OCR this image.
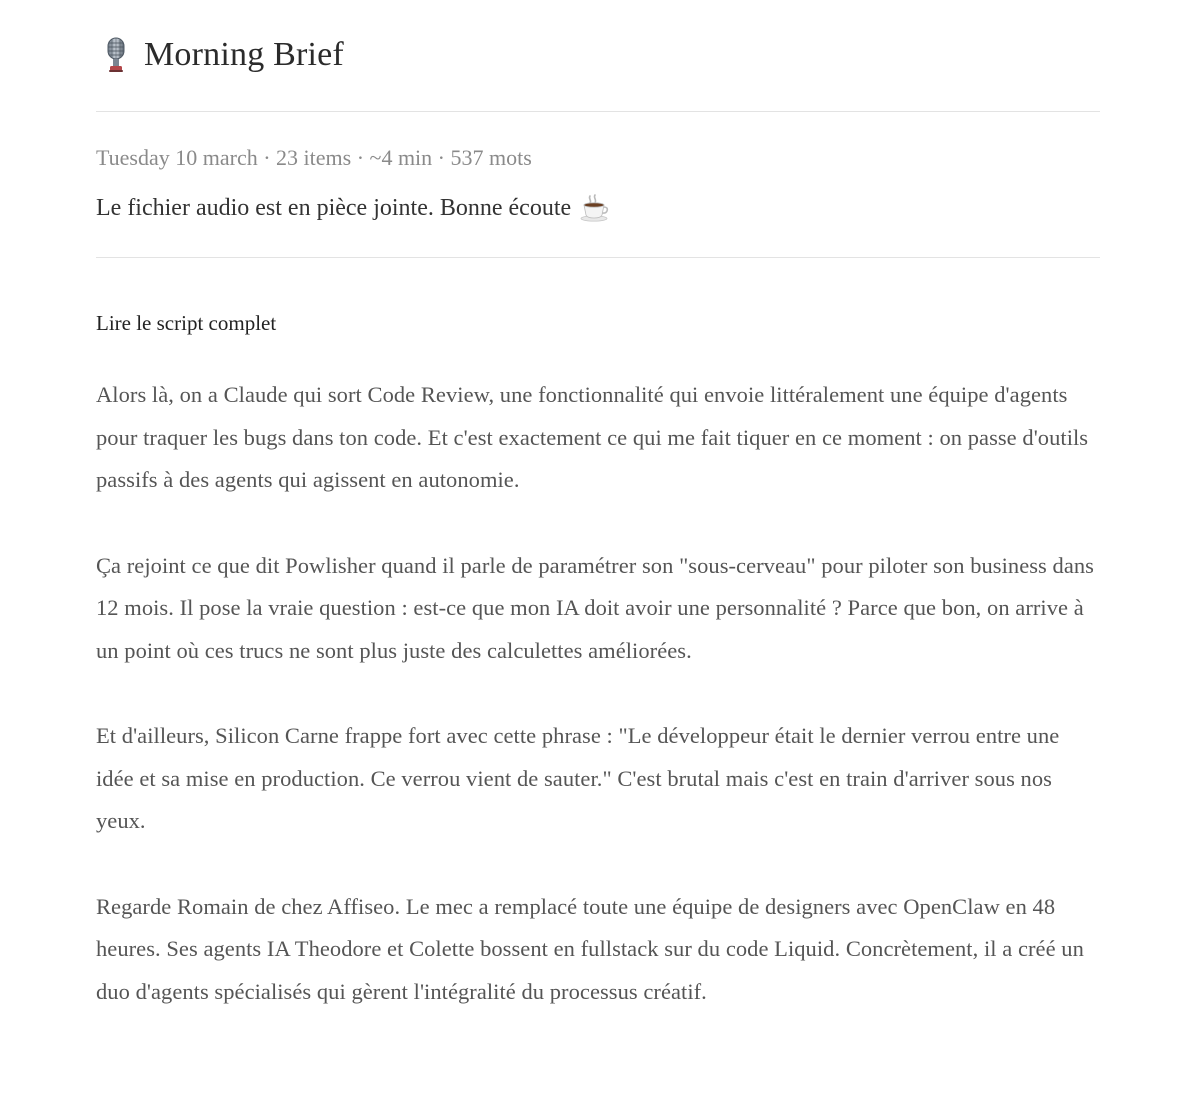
Morning Brief
Tuesday 10 march · 23 items · ~4 min · 537 mots
Le fichier audio est en pièce jointe. Bonne écoute
Lire le script complet

Alors là, on a Claude qui sort Code Review, une fonctionnalité qui envoie littéralement une équipe d'agents pour traquer les bugs dans ton code. Et c'est exactement ce qui me fait tiquer en ce moment : on passe d'outils passifs à des agents qui agissent en autonomie.

Ça rejoint ce que dit Powlisher quand il parle de paramétrer son "sous-cerveau" pour piloter son business dans 12 mois. Il pose la vraie question : est-ce que mon IA doit avoir une personnalité ? Parce que bon, on arrive à un point où ces trucs ne sont plus juste des calculettes améliorées.

Et d'ailleurs, Silicon Carne frappe fort avec cette phrase : "Le développeur était le dernier verrou entre une idée et sa mise en production. Ce verrou vient de sauter." C'est brutal mais c'est en train d'arriver sous nos yeux.

Regarde Romain de chez Affiseo. Le mec a remplacé toute une équipe de designers avec OpenClaw en 48 heures. Ses agents IA Theodore et Colette bossent en fullstack sur du code Liquid. Concrètement, il a créé un duo d'agents spécialisés qui gèrent l'intégralité du processus créatif.
